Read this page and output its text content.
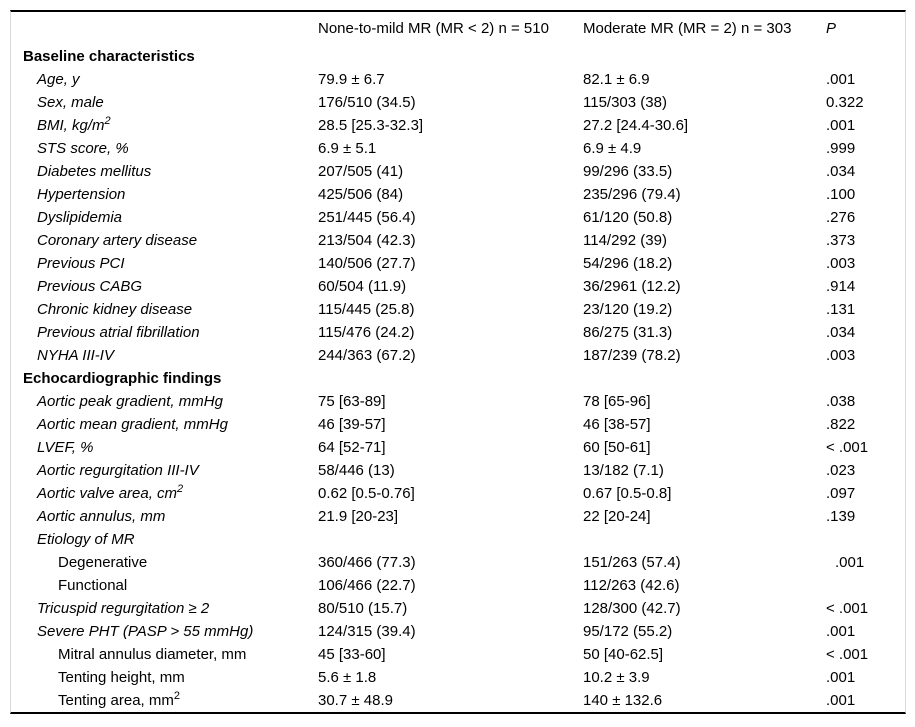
	None-to-mild MR (MR < 2) n = 510	Moderate MR (MR = 2) n = 303	P
Baseline characteristics			
Age, y	79.9 ± 6.7	82.1 ± 6.9	.001
Sex, male	176/510 (34.5)	115/303 (38)	0.322
BMI, $kg/m^2$	28.5 [25.3-32.3]	27.2 [24.4-30.6]	.001
STS score, %	6.9 ± 5.1	6.9 ± 4.9	.999
Diabetes mellitus	207/505 (41)	99/296 (33.5)	.034
Hypertension	425/506 (84)	235/296 (79.4)	.100
Dyslipidemia	251/445 (56.4)	61/120 (50.8)	.276
Coronary artery disease	213/504 (42.3)	114/292 (39)	.373
Previous PCI	140/506 (27.7)	54/296 (18.2)	.003
Previous CABG	60/504 (11.9)	36/2961 (12.2)	.914
Chronic kidney disease	115/445 (25.8)	23/120 (19.2)	.131
Previous atrial fibrillation	115/476 (24.2)	86/275 (31.3)	.034
NYHA III-IV	244/363 (67.2)	187/239 (78.2)	.003
Echocardiographic findings			
Aortic peak gradient, mmHg	75 [63-89]	78 [65-96]	.038
Aortic mean gradient, mmHg	46 [39-57]	46 [38-57]	.822
LVEF, %	64 [52-71]	60 [50-61]	< .001
Aortic regurgitation III-IV	58/446 (13)	13/182 (7.1)	.023
Aortic valve area, $cm^2$	0.62 [0.5-0.76]	0.67 [0.5-0.8]	.097
Aortic annulus, mm	21.9 [20-23]	22 [20-24]	.139
Etiology of MR			
Degenerative	360/466 (77.3)	151/263 (57.4)	.001
Functional	106/466 (22.7)	112/263 (42.6)	
Tricuspid regurgitation ≥ 2	80/510 (15.7)	128/300 (42.7)	< .001
Severe PHT (PASP > 55 mmHg)	124/315 (39.4)	95/172 (55.2)	.001
Mitral annulus diameter, mm	45 [33-60]	50 [40-62.5]	< .001
Tenting height, mm	5.6 ± 1.8	10.2 ± 3.9	.001
Tenting area, $mm^2$	30.7 ± 48.9	140 ± 132.6	.001
